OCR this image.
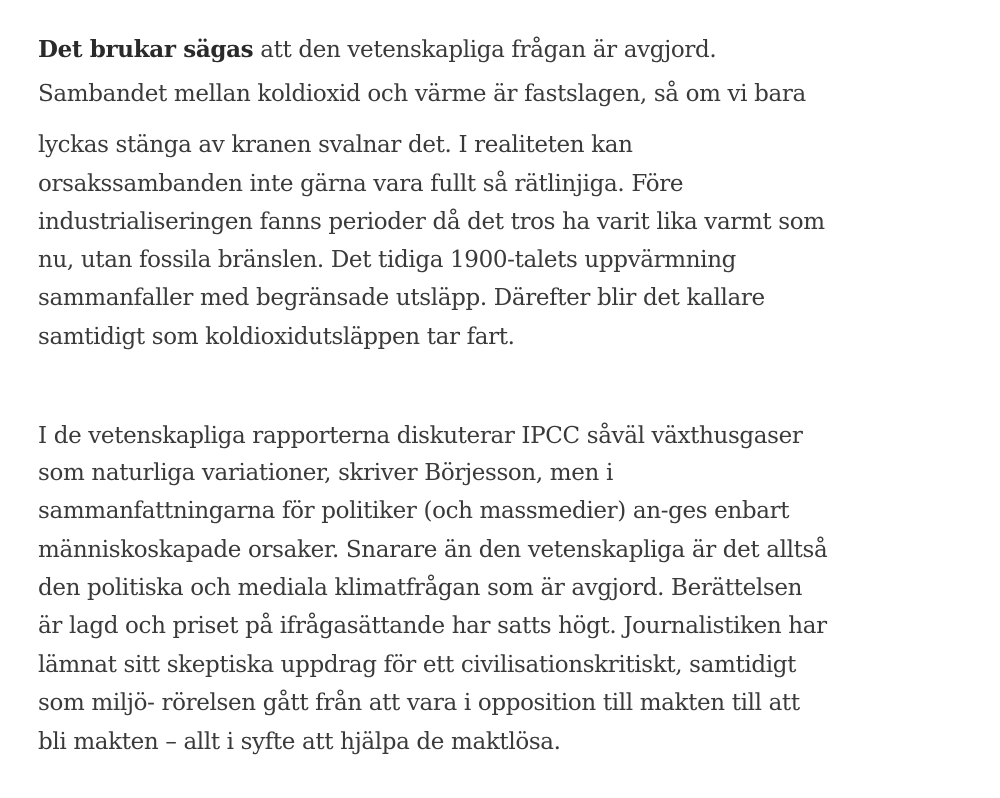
Det brukar sägas att den vetenskapliga frågan är avgjord.
Sambandet mellan koldioxid och värme är fastslagen, så om vi bara
lyckas stänga av kranen svalnar det. I realiteten kan
orsakssambanden inte gärna vara fullt så rätlinjiga. Före
industrialiseringen fanns perioder då det tros ha varit lika varmt som
nu, utan fossila bränslen. Det tidiga 1900-talets uppvärmning
sammanfaller med begränsade utsläpp. Därefter blir det kallare
samtidigt som koldioxidutsläppen tar fart.
I de vetenskapliga rapporterna diskuterar IPCC såväl växthusgaser
som naturliga variationer, skriver Börjesson, men i
sammanfattningarna för politiker (och massmedier) an-ges enbart
människoskapade orsaker. Snarare än den vetenskapliga är det alltså
den politiska och mediala klimatfrågan som är avgjord. Berättelsen
är lagd och priset på ifrågasättande har satts högt. Journalistiken har
lämnat sitt skeptiska uppdrag för ett civilisationskritiskt, samtidigt
som miljö- rörelsen gått från att vara i opposition till makten till att
bli makten – allt i syfte att hjälpa de maktlösa.
